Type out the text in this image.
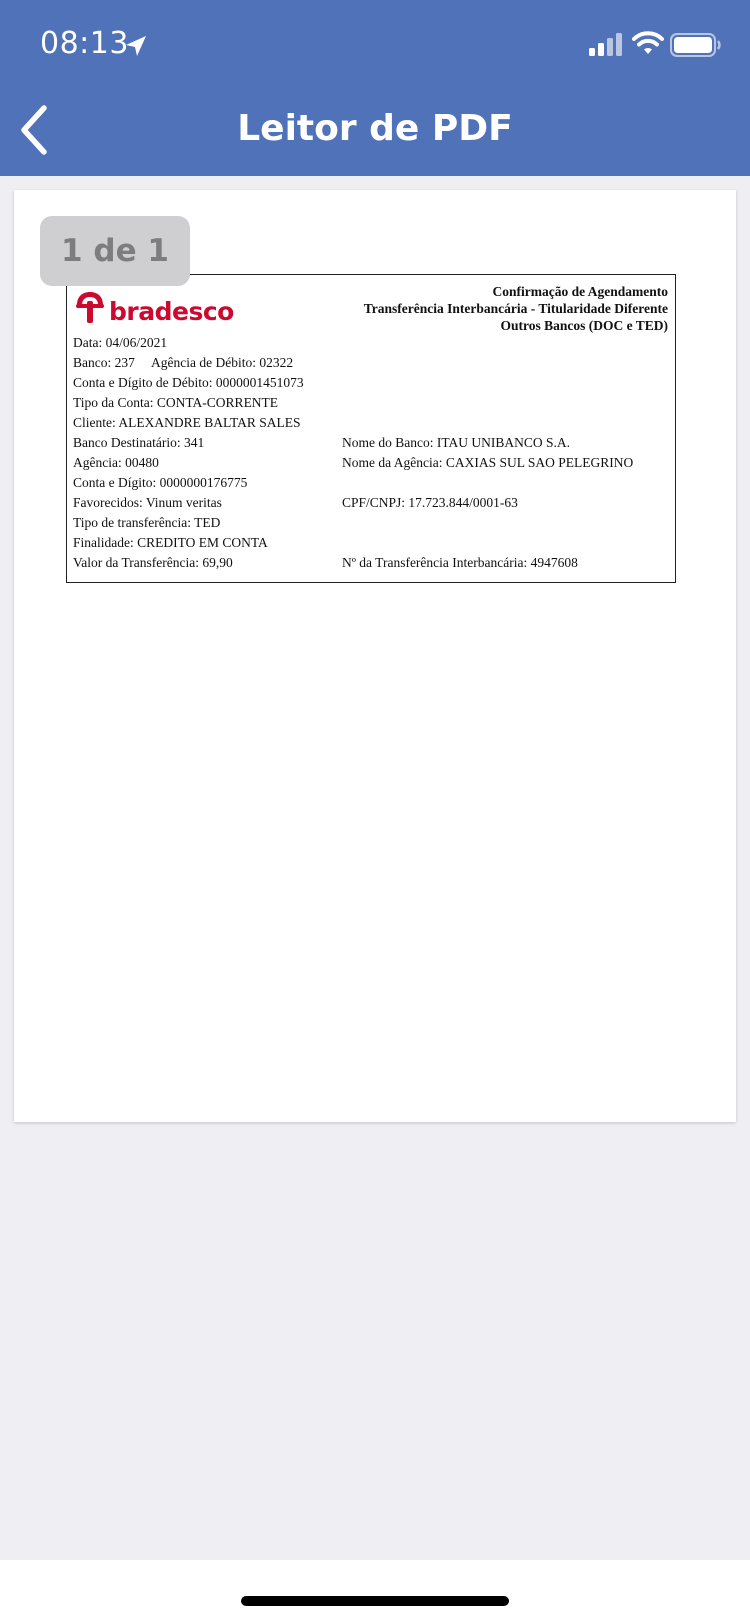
08:13
Leitor de PDF
bradesco
Confirmação de Agendamento
Transferência Interbancária - Titularidade Diferente
Outros Bancos (DOC e TED)
Data: 04/06/2021
Banco: 237     Agência de Débito: 02322
Conta e Dígito de Débito: 0000001451073
Tipo da Conta: CONTA-CORRENTE
Cliente: ALEXANDRE BALTAR SALES
Banco Destinatário: 341	Nome do Banco: ITAU UNIBANCO S.A.
Agência: 00480	Nome da Agência: CAXIAS SUL SAO PELEGRINO
Conta e Dígito: 0000000176775
Favorecidos: Vinum veritas	CPF/CNPJ: 17.723.844/0001-63
Tipo de transferência: TED
Finalidade: CREDITO EM CONTA
Valor da Transferência: 69,90	Nº da Transferência Interbancária: 4947608
1 de 1
